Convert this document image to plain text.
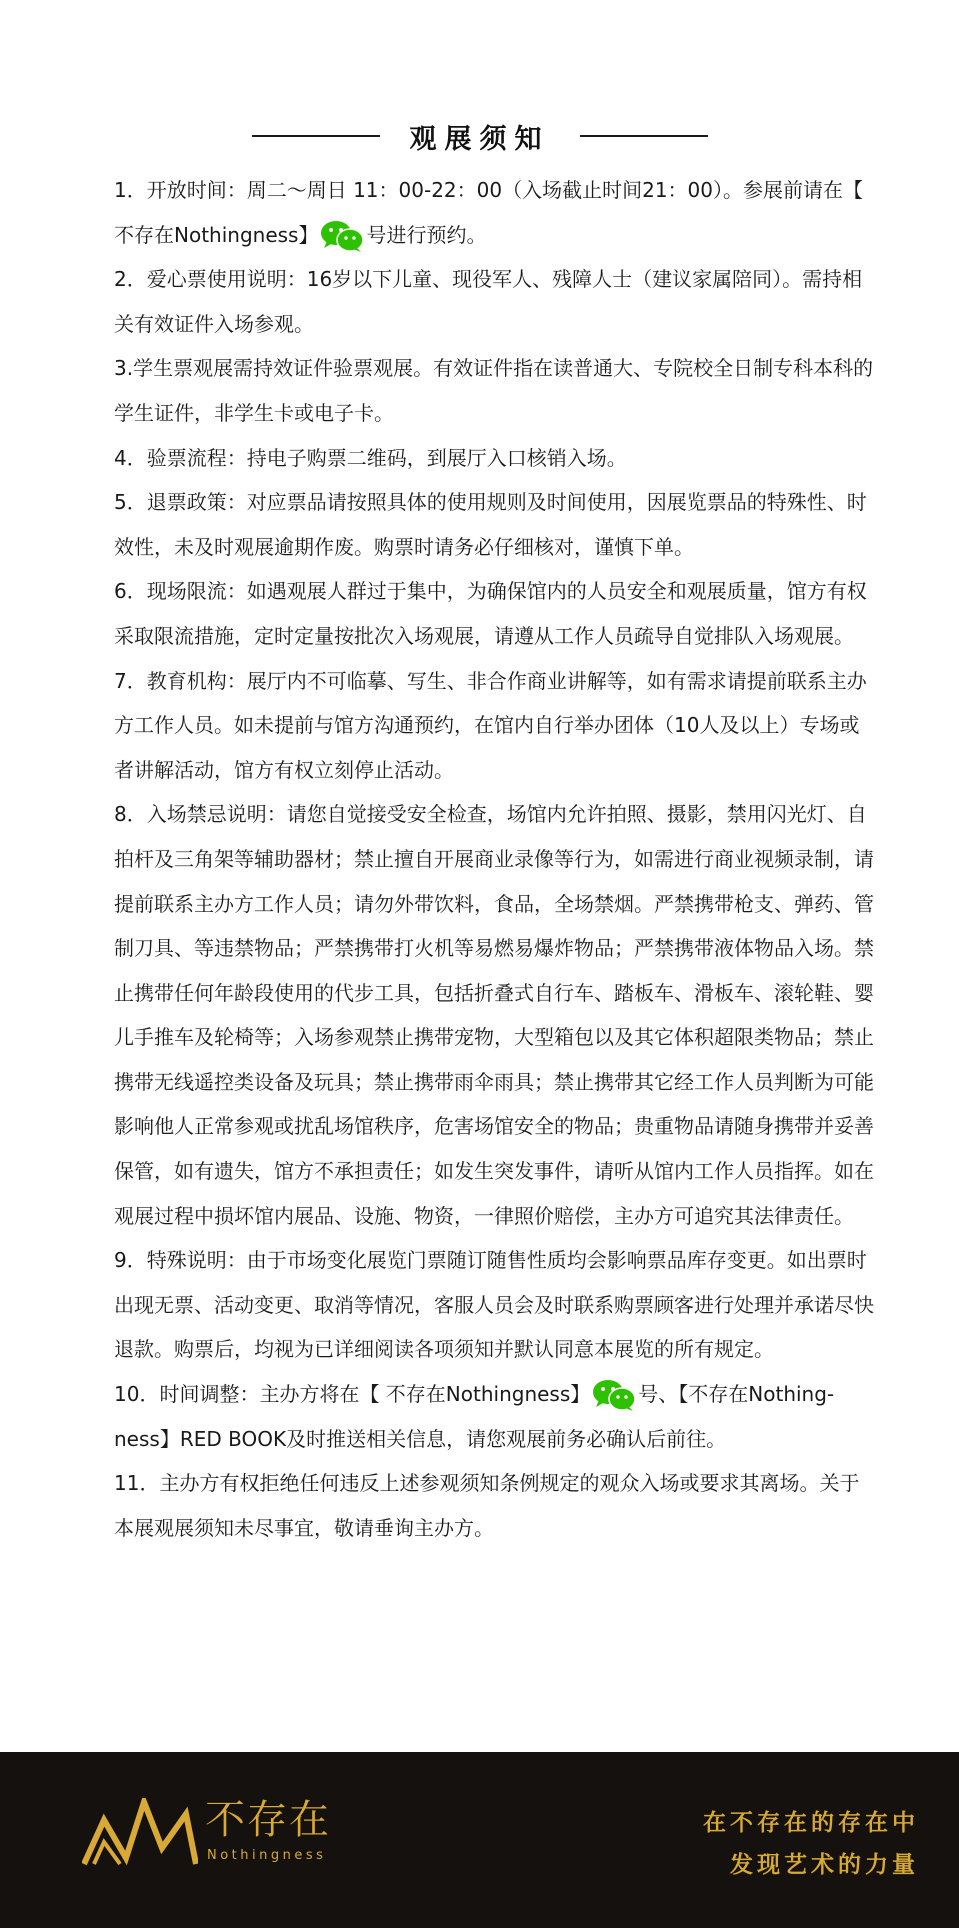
观展须知

1．开放时间：周二～周日 11：00-22：00（入场截止时间21：00）。参展前请在【 不存在Nothingness】 号进行预约。

2．爱心票使用说明：16岁以下儿童、现役军人、残障人士（建议家属陪同）。需持相关有效证件入场参观。

3.学生票观展需持效证件验票观展。有效证件指在读普通大、专院校全日制专科本科的学生证件，非学生卡或电子卡。

4．验票流程：持电子购票二维码，到展厅入口核销入场。

5．退票政策：对应票品请按照具体的使用规则及时间使用，因展览票品的特殊性、时效性，未及时观展逾期作废。购票时请务必仔细核对，谨慎下单。

6．现场限流：如遇观展人群过于集中，为确保馆内的人员安全和观展质量，馆方有权采取限流措施，定时定量按批次入场观展，请遵从工作人员疏导自觉排队入场观展。

7．教育机构：展厅内不可临摹、写生、非合作商业讲解等，如有需求请提前联系主办方工作人员。如未提前与馆方沟通预约，在馆内自行举办团体（10人及以上）专场或者讲解活动，馆方有权立刻停止活动。

8．入场禁忌说明：请您自觉接受安全检查，场馆内允许拍照、摄影，禁用闪光灯、自拍杆及三角架等辅助器材；禁止擅自开展商业录像等行为，如需进行商业视频录制，请提前联系主办方工作人员；请勿外带饮料，食品，全场禁烟。严禁携带枪支、弹药、管制刀具、等违禁物品；严禁携带打火机等易燃易爆炸物品；严禁携带液体物品入场。禁止携带任何年龄段使用的代步工具，包括折叠式自行车、踏板车、滑板车、滚轮鞋、婴儿手推车及轮椅等；入场参观禁止携带宠物，大型箱包以及其它体积超限类物品；禁止携带无线遥控类设备及玩具；禁止携带雨伞雨具；禁止携带其它经工作人员判断为可能影响他人正常参观或扰乱场馆秩序，危害场馆安全的物品；贵重物品请随身携带并妥善保管，如有遗失，馆方不承担责任；如发生突发事件，请听从馆内工作人员指挥。如在观展过程中损坏馆内展品、设施、物资，一律照价赔偿，主办方可追究其法律责任。

9．特殊说明：由于市场变化展览门票随订随售性质均会影响票品库存变更。如出票时出现无票、活动变更、取消等情况，客服人员会及时联系购票顾客进行处理并承诺尽快退款。购票后，均视为已详细阅读各项须知并默认同意本展览的所有规定。

10．时间调整：主办方将在【 不存在Nothingness】 号、【不存在Nothing-ness】RED BOOK及时推送相关信息，请您观展前务必确认后前往。

11．主办方有权拒绝任何违反上述参观须知条例规定的观众入场或要求其离场。关于本展观展须知未尽事宜，敬请垂询主办方。

不存在
Nothingness
在不存在的存在中
发现艺术的力量
